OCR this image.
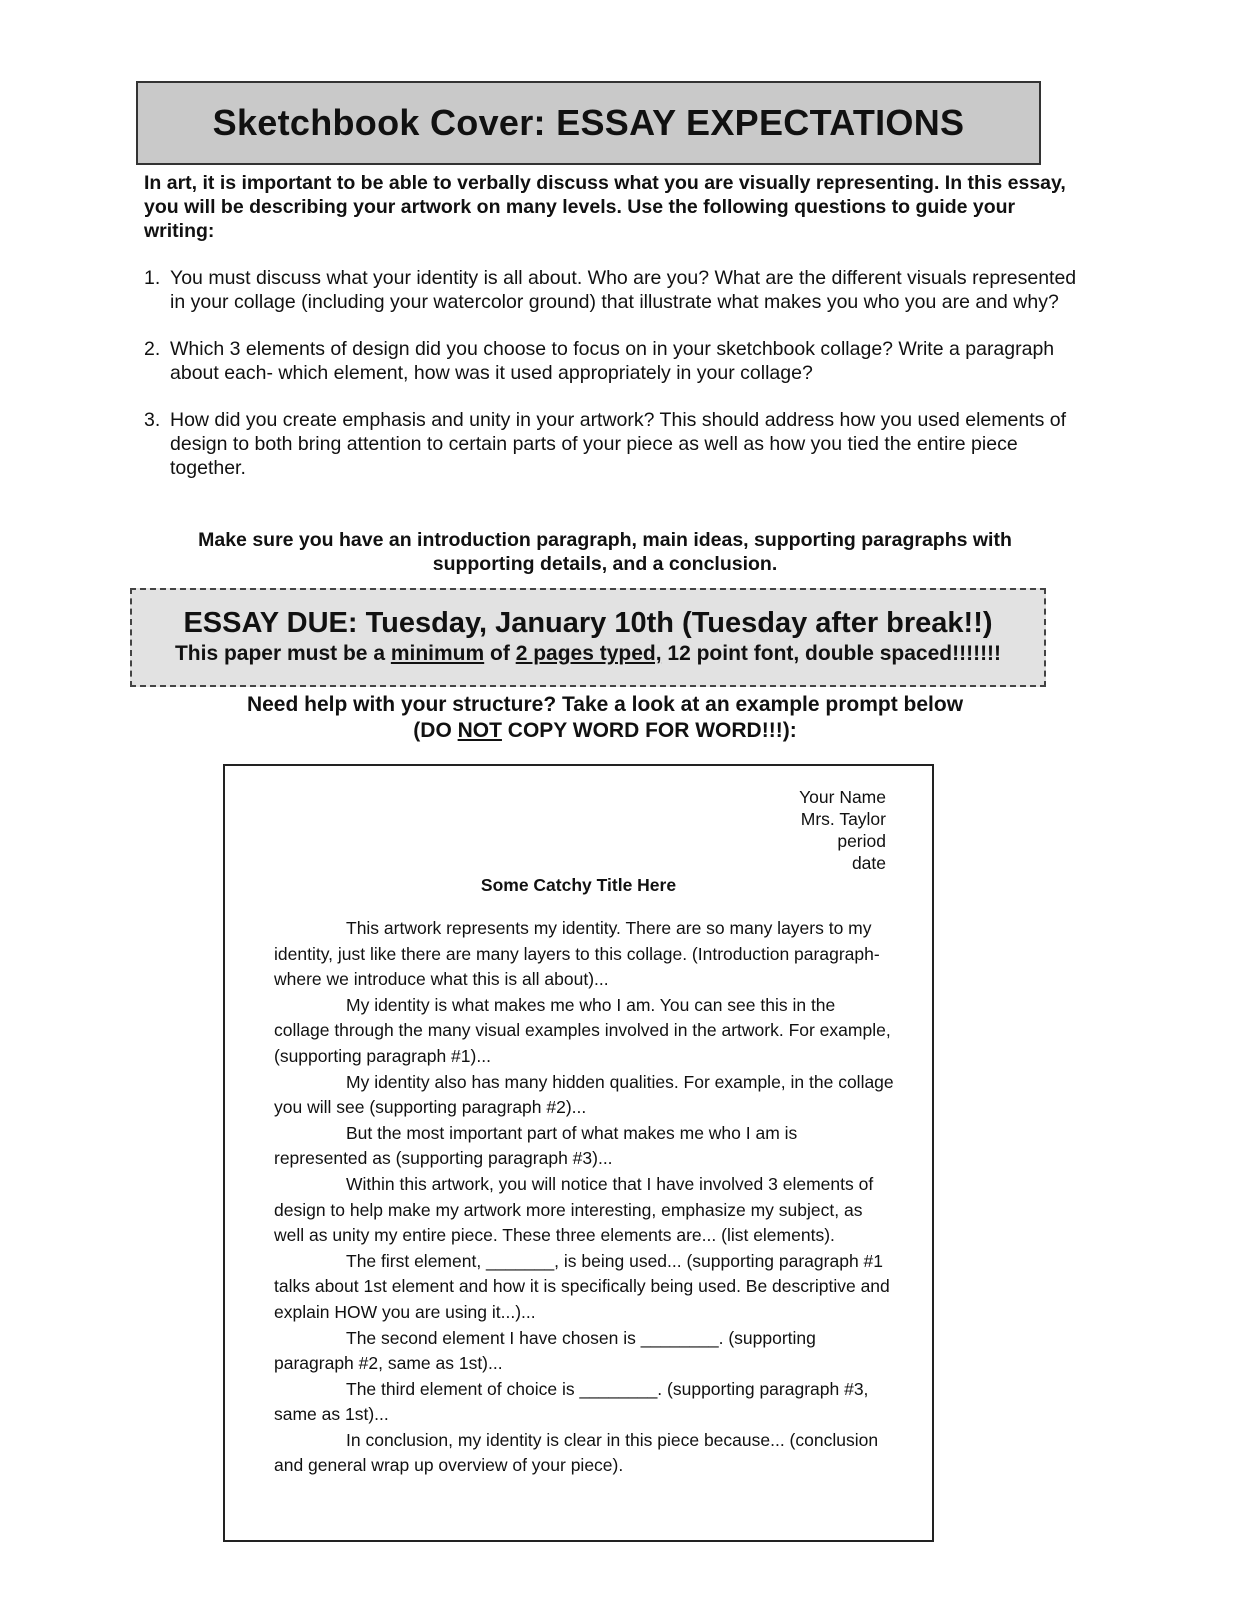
Sketchbook Cover: ESSAY EXPECTATIONS

In art, it is important to be able to verbally discuss what you are visually representing. In this essay, you will be describing your artwork on many levels. Use the following questions to guide your writing:

1. You must discuss what your identity is all about. Who are you? What are the different visuals represented in your collage (including your watercolor ground) that illustrate what makes you who you are and why?
2. Which 3 elements of design did you choose to focus on in your sketchbook collage? Write a paragraph about each- which element, how was it used appropriately in your collage?
3. How did you create emphasis and unity in your artwork? This should address how you used elements of design to both bring attention to certain parts of your piece as well as how you tied the entire piece together.

Make sure you have an introduction paragraph, main ideas, supporting paragraphs with supporting details, and a conclusion.

ESSAY DUE: Tuesday, January 10th (Tuesday after break!!)
This paper must be a minimum of 2 pages typed, 12 point font, double spaced!!!!!!!
Need help with your structure? Take a look at an example prompt below
(DO NOT COPY WORD FOR WORD!!!):
Your Name
Mrs. Taylor
period
date
Some Catchy Title Here

This artwork represents my identity. There are so many layers to my identity, just like there are many layers to this collage. (Introduction paragraph- where we introduce what this is all about)...

My identity is what makes me who I am. You can see this in the collage through the many visual examples involved in the artwork. For example, (supporting paragraph #1)...

My identity also has many hidden qualities. For example, in the collage you will see (supporting paragraph #2)...

But the most important part of what makes me who I am is represented as (supporting paragraph #3)...

Within this artwork, you will notice that I have involved 3 elements of design to help make my artwork more interesting, emphasize my subject, as well as unity my entire piece. These three elements are... (list elements).

The first element, _______, is being used... (supporting paragraph #1 talks about 1st element and how it is specifically being used. Be descriptive and explain HOW you are using it...)...

The second element I have chosen is ________. (supporting paragraph #2, same as 1st)...

The third element of choice is ________. (supporting paragraph #3, same as 1st)...

In conclusion, my identity is clear in this piece because... (conclusion and general wrap up overview of your piece).
